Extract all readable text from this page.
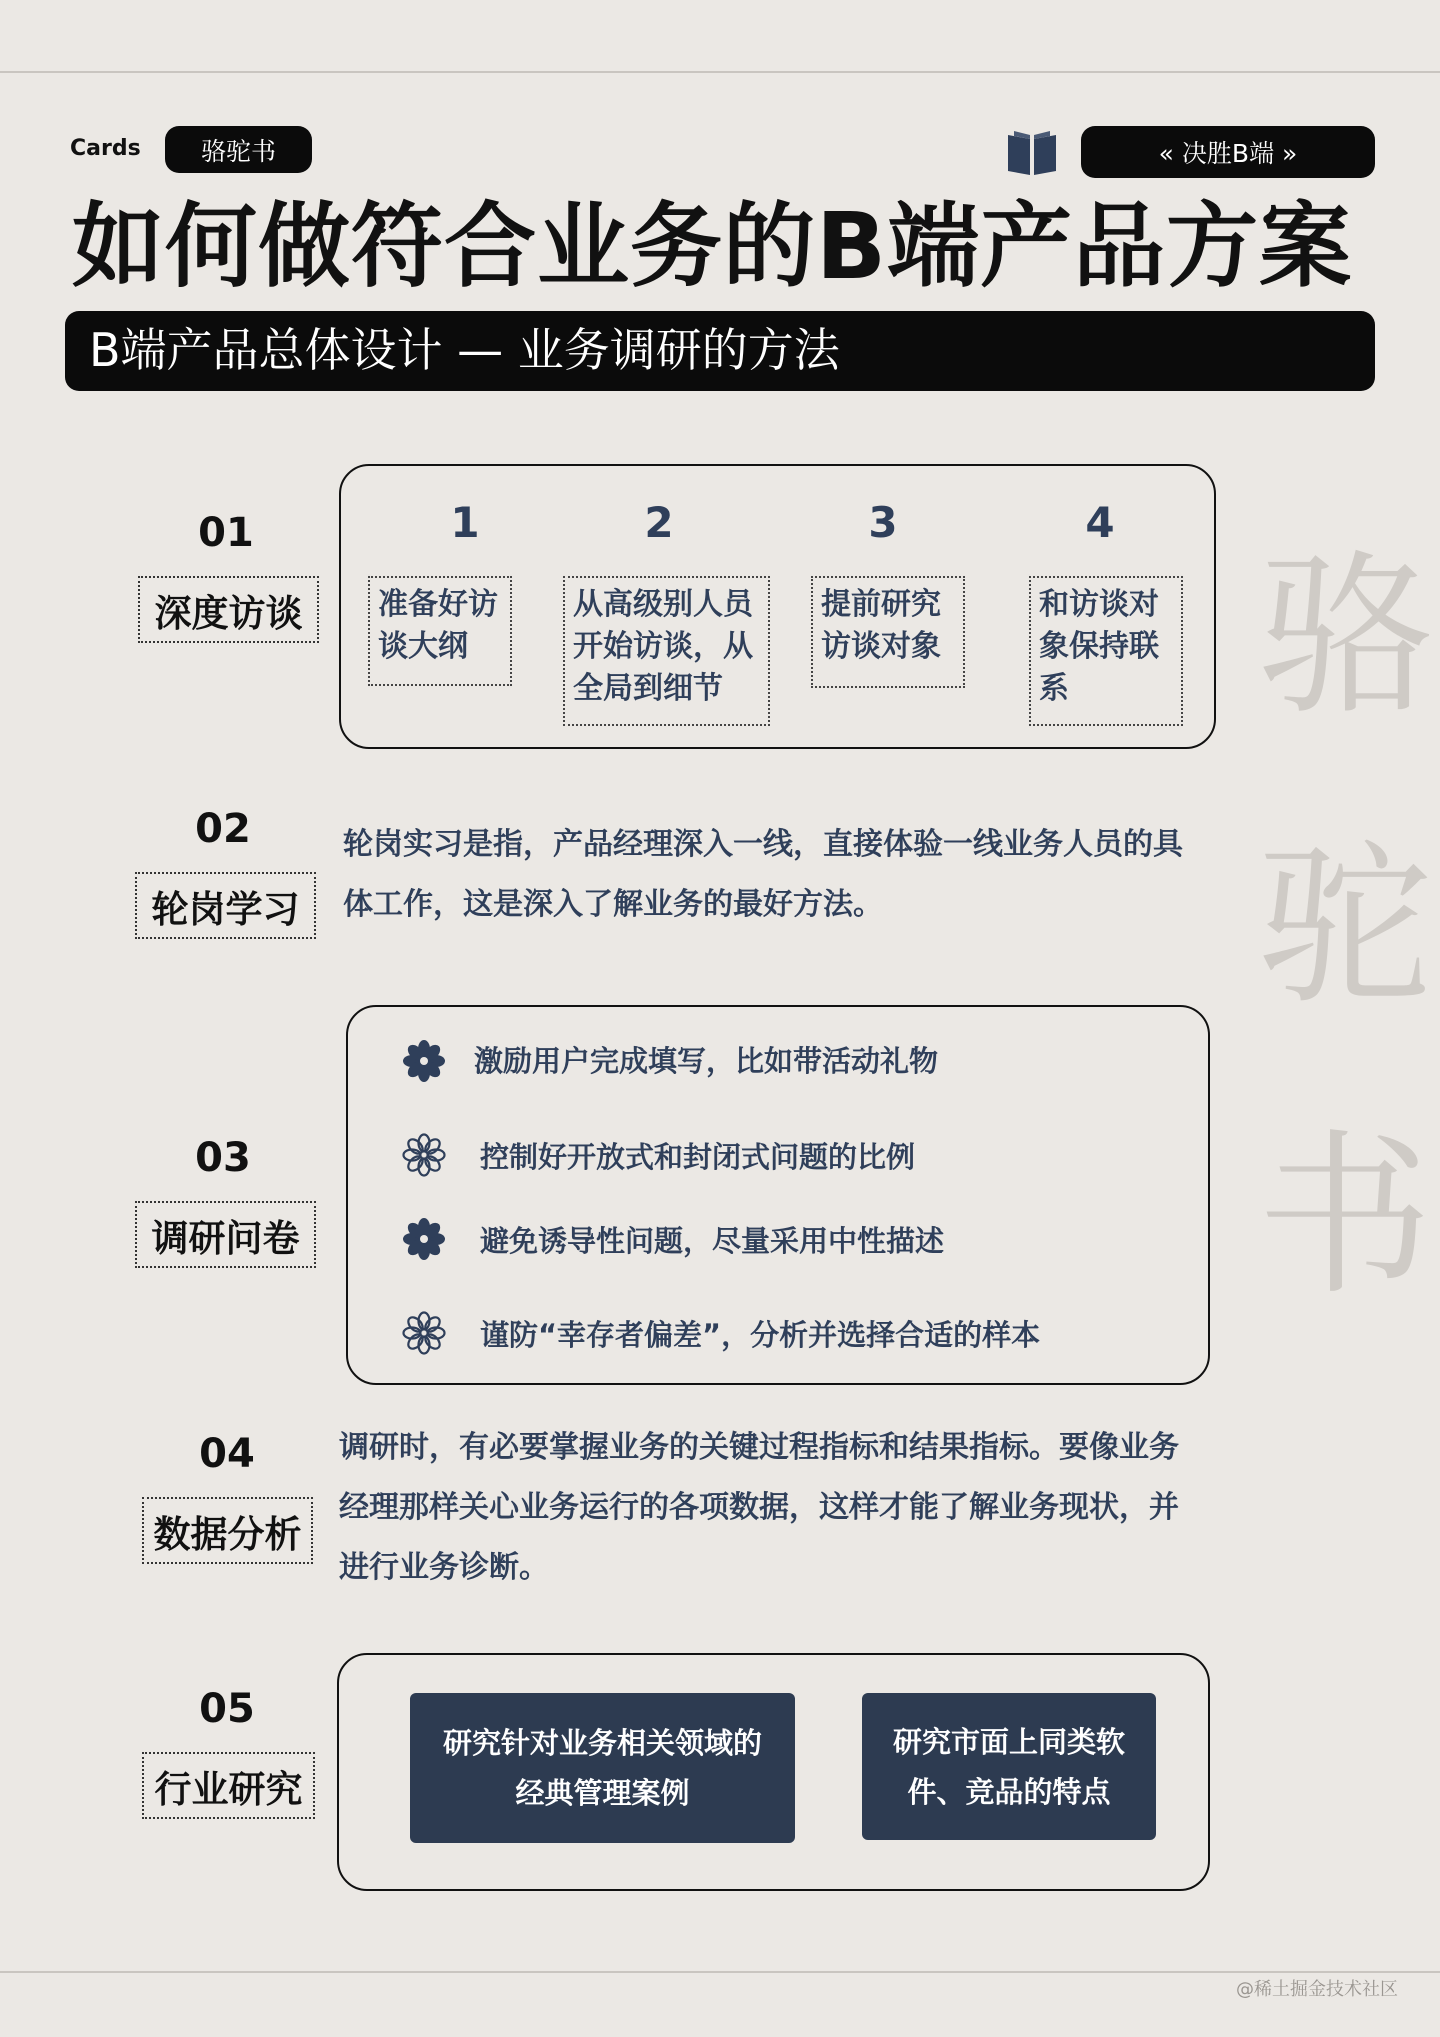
Cards	骆驼书	« 决胜B端 »
如何做符合业务的B端产品方案
B端产品总体设计 — 业务调研的方法
骆
驼
书
01
深度访谈
1	2	3	4
准备好访谈大纲
从高级别人员开始访谈，从全局到细节
提前研究访谈对象
和访谈对象保持联系
02
轮岗学习
轮岗实习是指，产品经理深入一线，直接体验一线业务人员的具体工作，这是深入了解业务的最好方法。
03
调研问卷
激励用户完成填写，比如带活动礼物
控制好开放式和封闭式问题的比例
避免诱导性问题，尽量采用中性描述
谨防“幸存者偏差”，分析并选择合适的样本
04
数据分析
调研时，有必要掌握业务的关键过程指标和结果指标。要像业务经理那样关心业务运行的各项数据，这样才能了解业务现状，并进行业务诊断。
05
行业研究
研究针对业务相关领域的经典管理案例
研究市面上同类软件、竞品的特点
@稀土掘金技术社区
